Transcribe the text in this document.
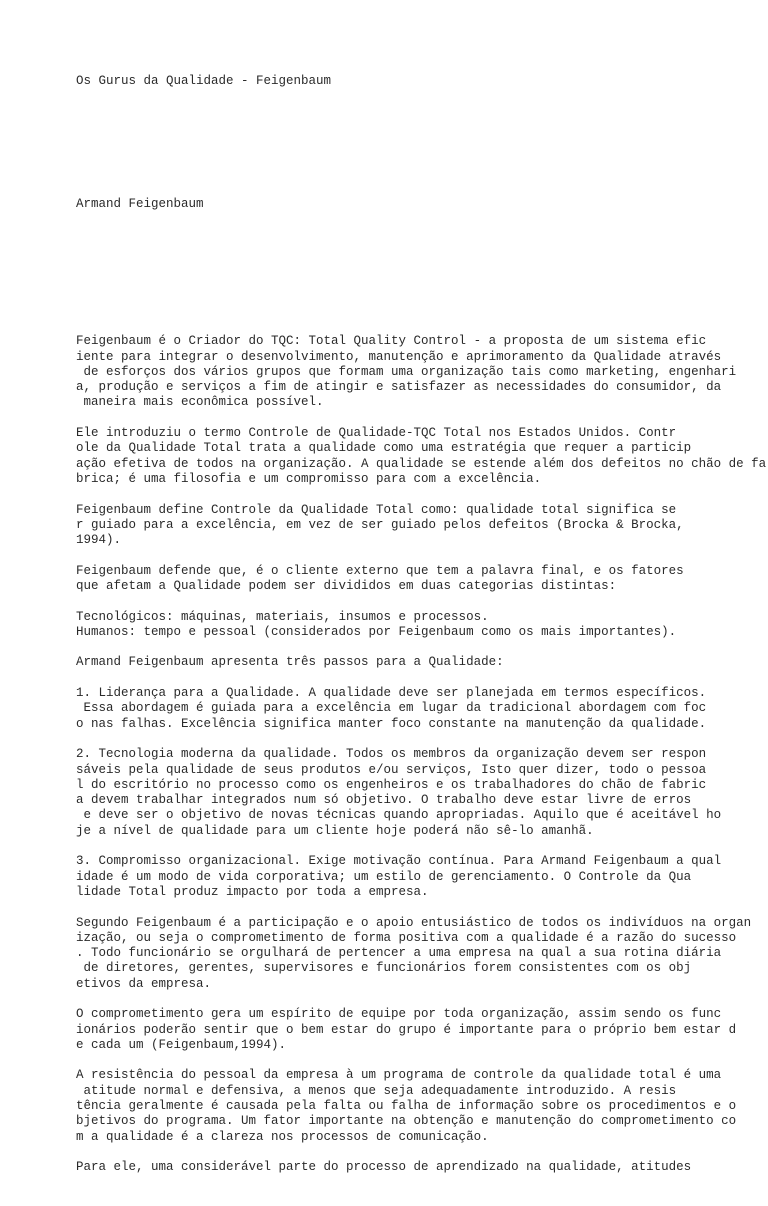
Os Gurus da Qualidade - Feigenbaum

Armand Feigenbaum

Feigenbaum é o Criador do TQC: Total Quality Control - a proposta de um sistema efic
iente para integrar o desenvolvimento, manutenção e aprimoramento da Qualidade através
de esforços dos vários grupos que formam uma organização tais como marketing, engenhari
a, produção e serviços a fim de atingir e satisfazer as necessidades do consumidor, da
maneira mais econômica possível.
Ele introduziu o termo Controle de Qualidade-TQC Total nos Estados Unidos. Contr
ole da Qualidade Total trata a qualidade como uma estratégia que requer a particip
ação efetiva de todos na organização. A qualidade se estende além dos defeitos no chão de fa
brica; é uma filosofia e um compromisso para com a excelência.
Feigenbaum define Controle da Qualidade Total como: qualidade total significa se
r guiado para a excelência, em vez de ser guiado pelos defeitos (Brocka & Brocka,
1994).
Feigenbaum defende que, é o cliente externo que tem a palavra final, e os fatores
que afetam a Qualidade podem ser divididos em duas categorias distintas:
Tecnológicos: máquinas, materiais, insumos e processos.
Humanos: tempo e pessoal (considerados por Feigenbaum como os mais importantes).
Armand Feigenbaum apresenta três passos para a Qualidade:
1. Liderança para a Qualidade. A qualidade deve ser planejada em termos específicos.
Essa abordagem é guiada para a excelência em lugar da tradicional abordagem com foc
o nas falhas. Excelência significa manter foco constante na manutenção da qualidade.
2. Tecnologia moderna da qualidade. Todos os membros da organização devem ser respon
sáveis pela qualidade de seus produtos e/ou serviços, Isto quer dizer, todo o pessoa
l do escritório no processo como os engenheiros e os trabalhadores do chão de fabric
a devem trabalhar integrados num só objetivo. O trabalho deve estar livre de erros
e deve ser o objetivo de novas técnicas quando apropriadas. Aquilo que é aceitável ho
je a nível de qualidade para um cliente hoje poderá não sê-lo amanhã.
3. Compromisso organizacional. Exige motivação contínua. Para Armand Feigenbaum a qual
idade é um modo de vida corporativa; um estilo de gerenciamento. O Controle da Qua
lidade Total produz impacto por toda a empresa.
Segundo Feigenbaum é a participação e o apoio entusiástico de todos os indivíduos na organ
ização, ou seja o comprometimento de forma positiva com a qualidade é a razão do sucesso
. Todo funcionário se orgulhará de pertencer a uma empresa na qual a sua rotina diária
de diretores, gerentes, supervisores e funcionários forem consistentes com os obj
etivos da empresa.
O comprometimento gera um espírito de equipe por toda organização, assim sendo os func
ionários poderão sentir que o bem estar do grupo é importante para o próprio bem estar d
e cada um (Feigenbaum,1994).
A resistência do pessoal da empresa à um programa de controle da qualidade total é uma
atitude normal e defensiva, a menos que seja adequadamente introduzido. A resis
tência geralmente é causada pela falta ou falha de informação sobre os procedimentos e o
bjetivos do programa. Um fator importante na obtenção e manutenção do comprometimento co
m a qualidade é a clareza nos processos de comunicação.
Para ele, uma considerável parte do processo de aprendizado na qualidade, atitudes
